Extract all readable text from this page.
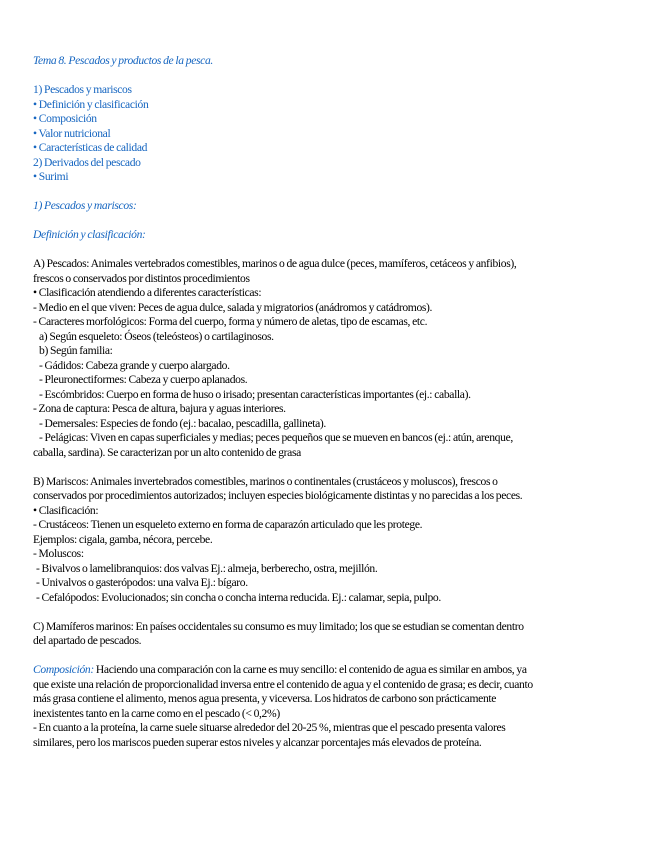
Tema 8. Pescados y productos de la pesca.
1) Pescados y mariscos
• Definición y clasificación
• Composición
• Valor nutricional
• Características de calidad
2) Derivados del pescado
• Surimi
1) Pescados y mariscos:
Definición y clasificación:
A) Pescados: Animales vertebrados comestibles, marinos o de agua dulce (peces, mamíferos, cetáceos y anfibios),
frescos o conservados por distintos procedimientos
• Clasificación atendiendo a diferentes características:
- Medio en el que viven: Peces de agua dulce, salada y migratorios (anádromos y catádromos).
- Caracteres morfológicos: Forma del cuerpo, forma y número de aletas, tipo de escamas, etc.
a) Según esqueleto: Óseos (teleósteos) o cartilaginosos.
b) Según familia:
- Gádidos: Cabeza grande y cuerpo alargado.
- Pleuronectiformes: Cabeza y cuerpo aplanados.
- Escómbridos: Cuerpo en forma de huso o irisado; presentan características importantes (ej.: caballa).
- Zona de captura: Pesca de altura, bajura y aguas interiores.
- Demersales: Especies de fondo (ej.: bacalao, pescadilla, gallineta).
- Pelágicas: Viven en capas superficiales y medias; peces pequeños que se mueven en bancos (ej.: atún, arenque,
caballa, sardina). Se caracterizan por un alto contenido de grasa
B) Mariscos: Animales invertebrados comestibles, marinos o continentales (crustáceos y moluscos), frescos o
conservados por procedimientos autorizados; incluyen especies biológicamente distintas y no parecidas a los peces.
• Clasificación:
- Crustáceos: Tienen un esqueleto externo en forma de caparazón articulado que les protege.
Ejemplos: cigala, gamba, nécora, percebe.
- Moluscos:
- Bivalvos o lamelibranquios: dos valvas Ej.: almeja, berberecho, ostra, mejillón.
- Univalvos o gasterópodos: una valva Ej.: bígaro.
- Cefalópodos: Evolucionados; sin concha o concha interna reducida. Ej.: calamar, sepia, pulpo.
C) Mamíferos marinos: En países occidentales su consumo es muy limitado; los que se estudian se comentan dentro
del apartado de pescados.
Composición: Haciendo una comparación con la carne es muy sencillo: el contenido de agua es similar en ambos, ya
que existe una relación de proporcionalidad inversa entre el contenido de agua y el contenido de grasa; es decir, cuanto
más grasa contiene el alimento, menos agua presenta, y viceversa. Los hidratos de carbono son prácticamente
inexistentes tanto en la carne como en el pescado (< 0,2%)
- En cuanto a la proteína, la carne suele situarse alrededor del 20-25 %, mientras que el pescado presenta valores
similares, pero los mariscos pueden superar estos niveles y alcanzar porcentajes más elevados de proteína.
